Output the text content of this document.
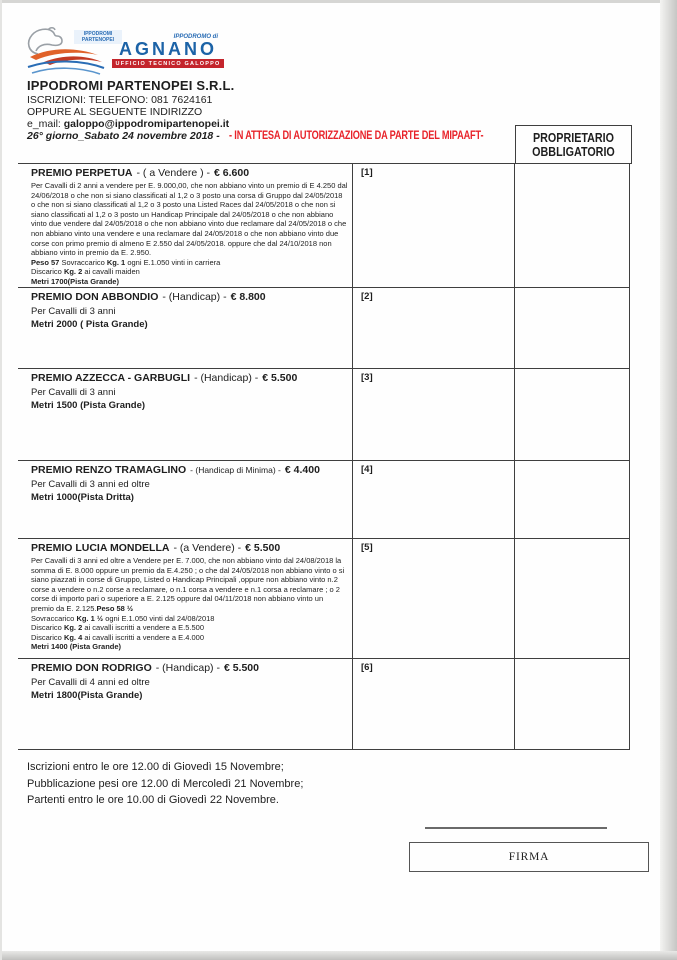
IPPODROMI PARTENOPEI	IPPODROMO di
AGNANO
UFFICIO TECNICO GALOPPO
IPPODROMI PARTENOPEI S.R.L.
ISCRIZIONI: TELEFONO: 081 7624161
OPPURE AL SEGUENTE INDIRIZZO
e_mail: galoppo@ippodromipartenopei.it
26° giorno_Sabato 24 novembre 2018 - - IN ATTESA DI AUTORIZZAZIONE DA PARTE DEL MIPAAFT-	PROPRIETARIO OBBLIGATORIO
PREMIO PERPETUA - ( a Vendere ) - € 6.600
Per Cavalli di 2 anni a vendere per E. 9.000,00, che non abbiano vinto un premio di E 4.250 dal 24/06/2018 o che non si siano classificati al 1,2 o 3 posto una corsa di Gruppo dal 24/05/2018 o che non si siano classificati al 1,2 o 3 posto una Listed Races dal 24/05/2018 o che non si siano classificati al 1,2 o 3 posto un Handicap Principale dal 24/05/2018 o che non abbiano vinto due vendere dal 24/05/2018 o che non abbiano vinto due reclamare dal 24/05/2018 o che non abbiano vinto una vendere e una reclamare dal 24/05/2018 o che non abbiano vinto due corse con primo premio di almeno E 2.550 dal 24/05/2018. oppure che dal 24/10/2018 non abbiano vinto in premio da E. 2.950.
Peso 57 Sovraccarico Kg. 1 ogni E.1.050 vinti in carriera
Discarico Kg. 2 ai cavalli maiden
Metri 1700(Pista Grande)
[1]
PREMIO DON ABBONDIO - (Handicap) - € 8.800
Per Cavalli di 3 anni
Metri 2000 ( Pista Grande)
[2]
PREMIO AZZECCA - GARBUGLI - (Handicap) - € 5.500
Per Cavalli di 3 anni
Metri 1500 (Pista Grande)
[3]
PREMIO RENZO TRAMAGLINO - (Handicap di Minima) - € 4.400
Per Cavalli di 3 anni ed oltre
Metri 1000(Pista Dritta)
[4]
PREMIO LUCIA MONDELLA - (a Vendere) - € 5.500
Per Cavalli di 3 anni ed oltre a Vendere per E. 7.000, che non abbiano vinto dal 24/08/2018 la somma di E. 8.000 oppure un premio da E.4.250 ; o che dal 24/05/2018 non abbiano vinto o si siano piazzati in corse di Gruppo, Listed o Handicap Principali ,oppure non abbiano vinto n.2 corse a vendere o n.2 corse a reclamare, o n.1 corsa a vendere e n.1 corsa a reclamare ; o 2 corse di importo pari o superiore a E. 2.125 oppure dal 04/11/2018 non abbiano vinto un premio da E. 2.125.Peso 58 ½
Sovraccarico Kg. 1 ½ ogni E.1.050 vinti dal 24/08/2018
Discarico Kg. 2 ai cavalli iscritti a vendere a E.5.500
Discarico Kg. 4 ai cavalli iscritti a vendere a E.4.000
Metri 1400 (Pista Grande)
[5]
PREMIO DON RODRIGO - (Handicap) - € 5.500
Per Cavalli di 4 anni ed oltre
Metri 1800(Pista Grande)
[6]
Iscrizioni entro le ore 12.00 di Giovedì 15 Novembre;
Pubblicazione pesi ore 12.00 di Mercoledì 21 Novembre;
Partenti entro le ore 10.00 di Giovedì 22 Novembre.
FIRMA
